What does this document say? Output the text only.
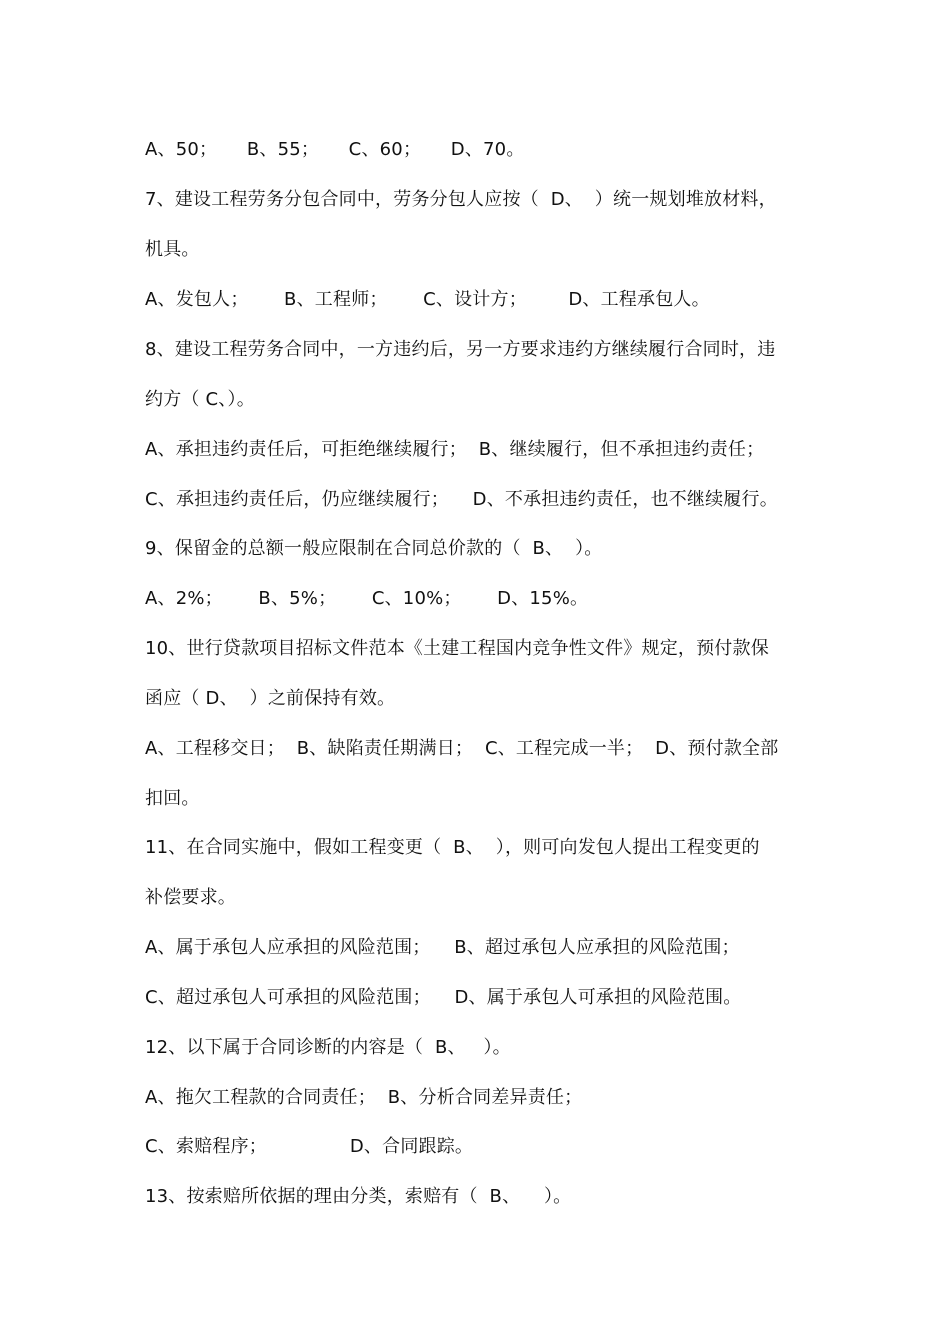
A、50；     B、55；     C、60；     D、70。
7、建设工程劳务分包合同中，劳务分包人应按（  D、  ）统一规划堆放材料，
机具。
A、发包人；      B、工程师；      C、设计方；       D、工程承包人。
8、建设工程劳务合同中，一方违约后，另一方要求违约方继续履行合同时，违
约方（ C、）。
A、承担违约责任后，可拒绝继续履行；  B、继续履行，但不承担违约责任；
C、承担违约责任后，仍应继续履行；    D、不承担违约责任，也不继续履行。
9、保留金的总额一般应限制在合同总价款的（  B、  ）。
A、2%；      B、5%；      C、10%；      D、15%。
10、世行贷款项目招标文件范本《土建工程国内竞争性文件》规定，预付款保
函应（ D、  ）之前保持有效。
A、工程移交日；  B、缺陷责任期满日；  C、工程完成一半；  D、预付款全部
扣回。
11、在合同实施中，假如工程变更（  B、  ），则可向发包人提出工程变更的
补偿要求。
A、属于承包人应承担的风险范围；    B、超过承包人应承担的风险范围；
C、超过承包人可承担的风险范围；    D、属于承包人可承担的风险范围。
12、以下属于合同诊断的内容是（  B、   ）。
A、拖欠工程款的合同责任；  B、分析合同差异责任；
C、索赔程序；              D、合同跟踪。
13、按索赔所依据的理由分类，索赔有（  B、    ）。
